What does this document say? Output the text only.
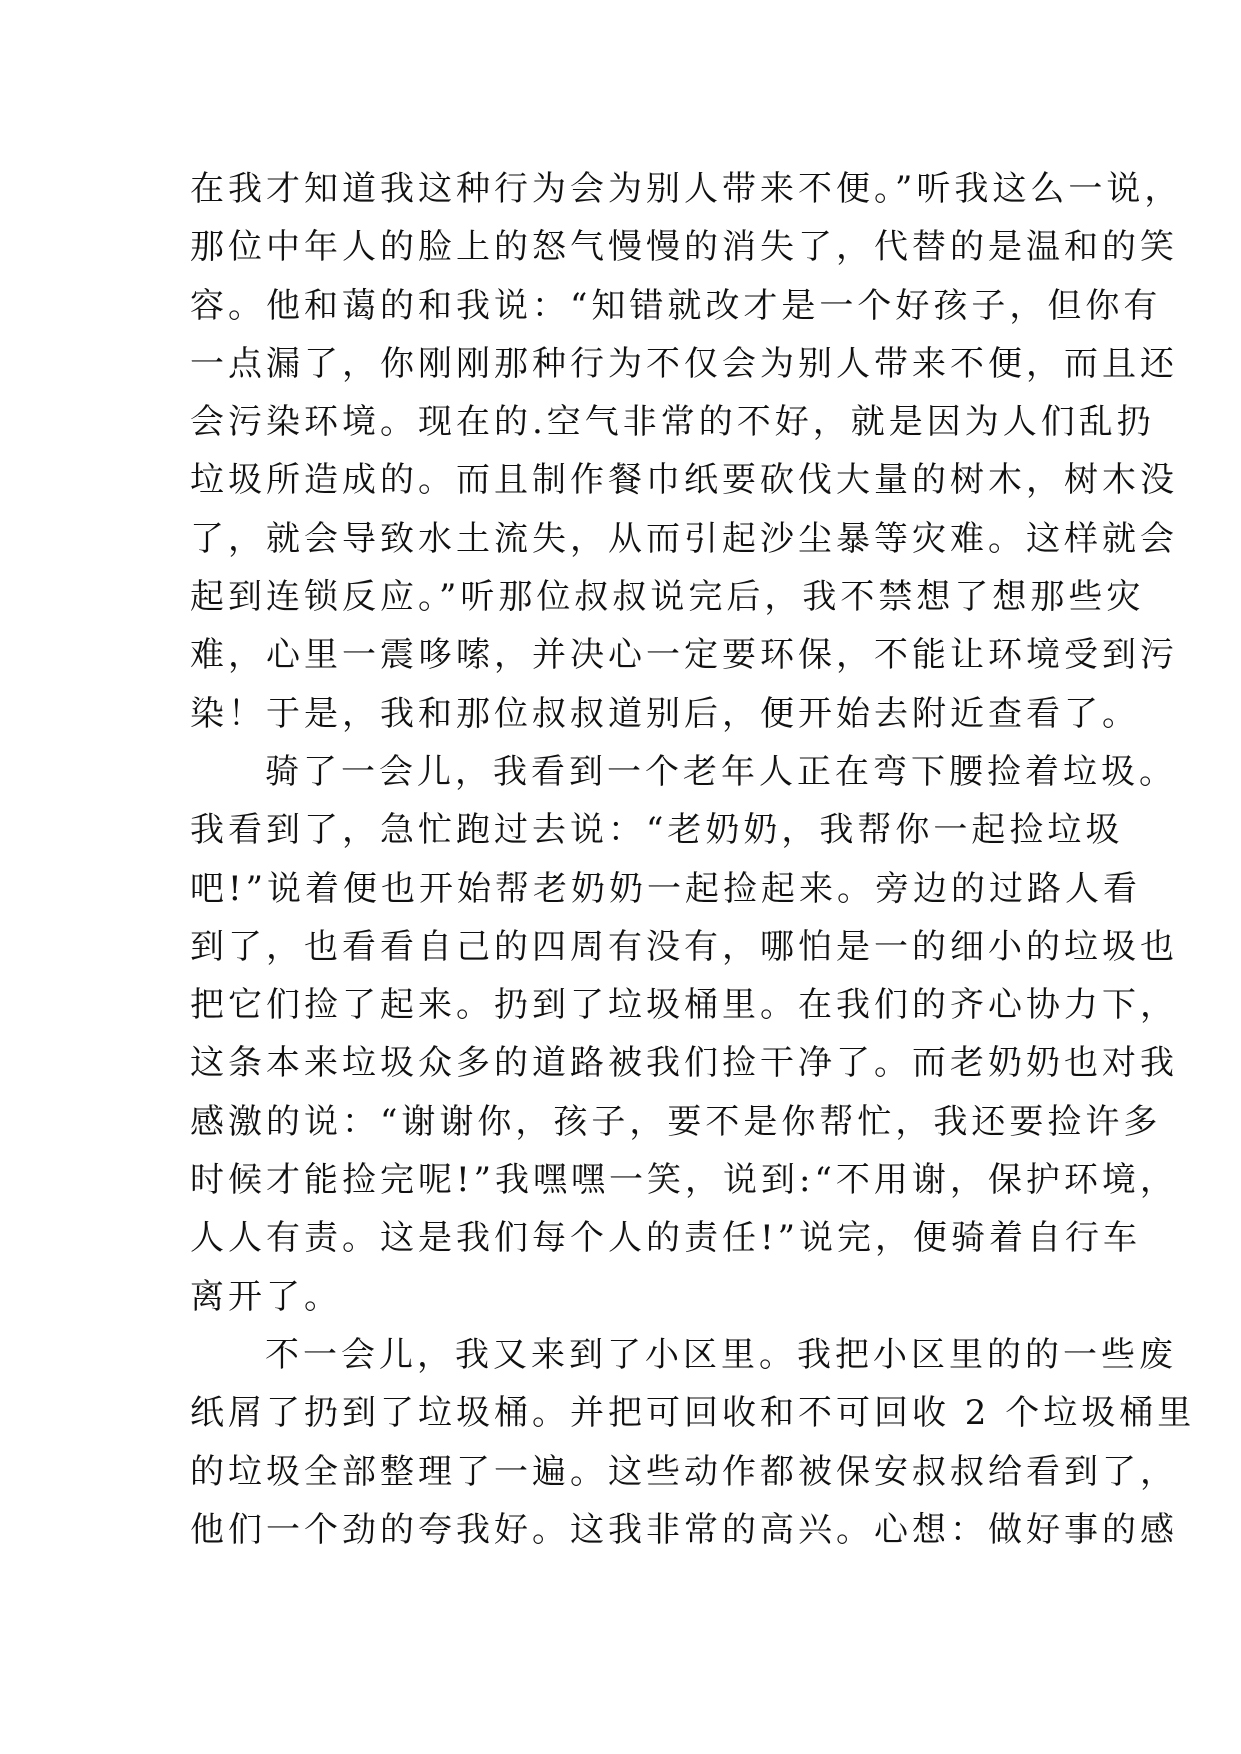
在我才知道我这种行为会为别人带来不便。”听我这么一说，
那位中年人的脸上的怒气慢慢的消失了，代替的是温和的笑
容。他和蔼的和我说：“知错就改才是一个好孩子，但你有
一点漏了，你刚刚那种行为不仅会为别人带来不便，而且还
会污染环境。现在的.空气非常的不好，就是因为人们乱扔
垃圾所造成的。而且制作餐巾纸要砍伐大量的树木，树木没
了，就会导致水土流失，从而引起沙尘暴等灾难。这样就会
起到连锁反应。”听那位叔叔说完后，我不禁想了想那些灾
难，心里一震哆嗦，并决心一定要环保，不能让环境受到污
染！于是，我和那位叔叔道别后，便开始去附近查看了。
骑了一会儿，我看到一个老年人正在弯下腰捡着垃圾。
我看到了，急忙跑过去说：“老奶奶，我帮你一起捡垃圾
吧!”说着便也开始帮老奶奶一起捡起来。旁边的过路人看
到了，也看看自己的四周有没有，哪怕是一的细小的垃圾也
把它们捡了起来。扔到了垃圾桶里。在我们的齐心协力下，
这条本来垃圾众多的道路被我们捡干净了。而老奶奶也对我
感激的说：“谢谢你，孩子，要不是你帮忙，我还要捡许多
时候才能捡完呢!”我嘿嘿一笑，说到:“不用谢，保护环境，
人人有责。这是我们每个人的责任!”说完，便骑着自行车
离开了。
不一会儿，我又来到了小区里。我把小区里的的一些废
纸屑了扔到了垃圾桶。并把可回收和不可回收 2 个垃圾桶里
的垃圾全部整理了一遍。这些动作都被保安叔叔给看到了，
他们一个劲的夸我好。这我非常的高兴。心想：做好事的感
